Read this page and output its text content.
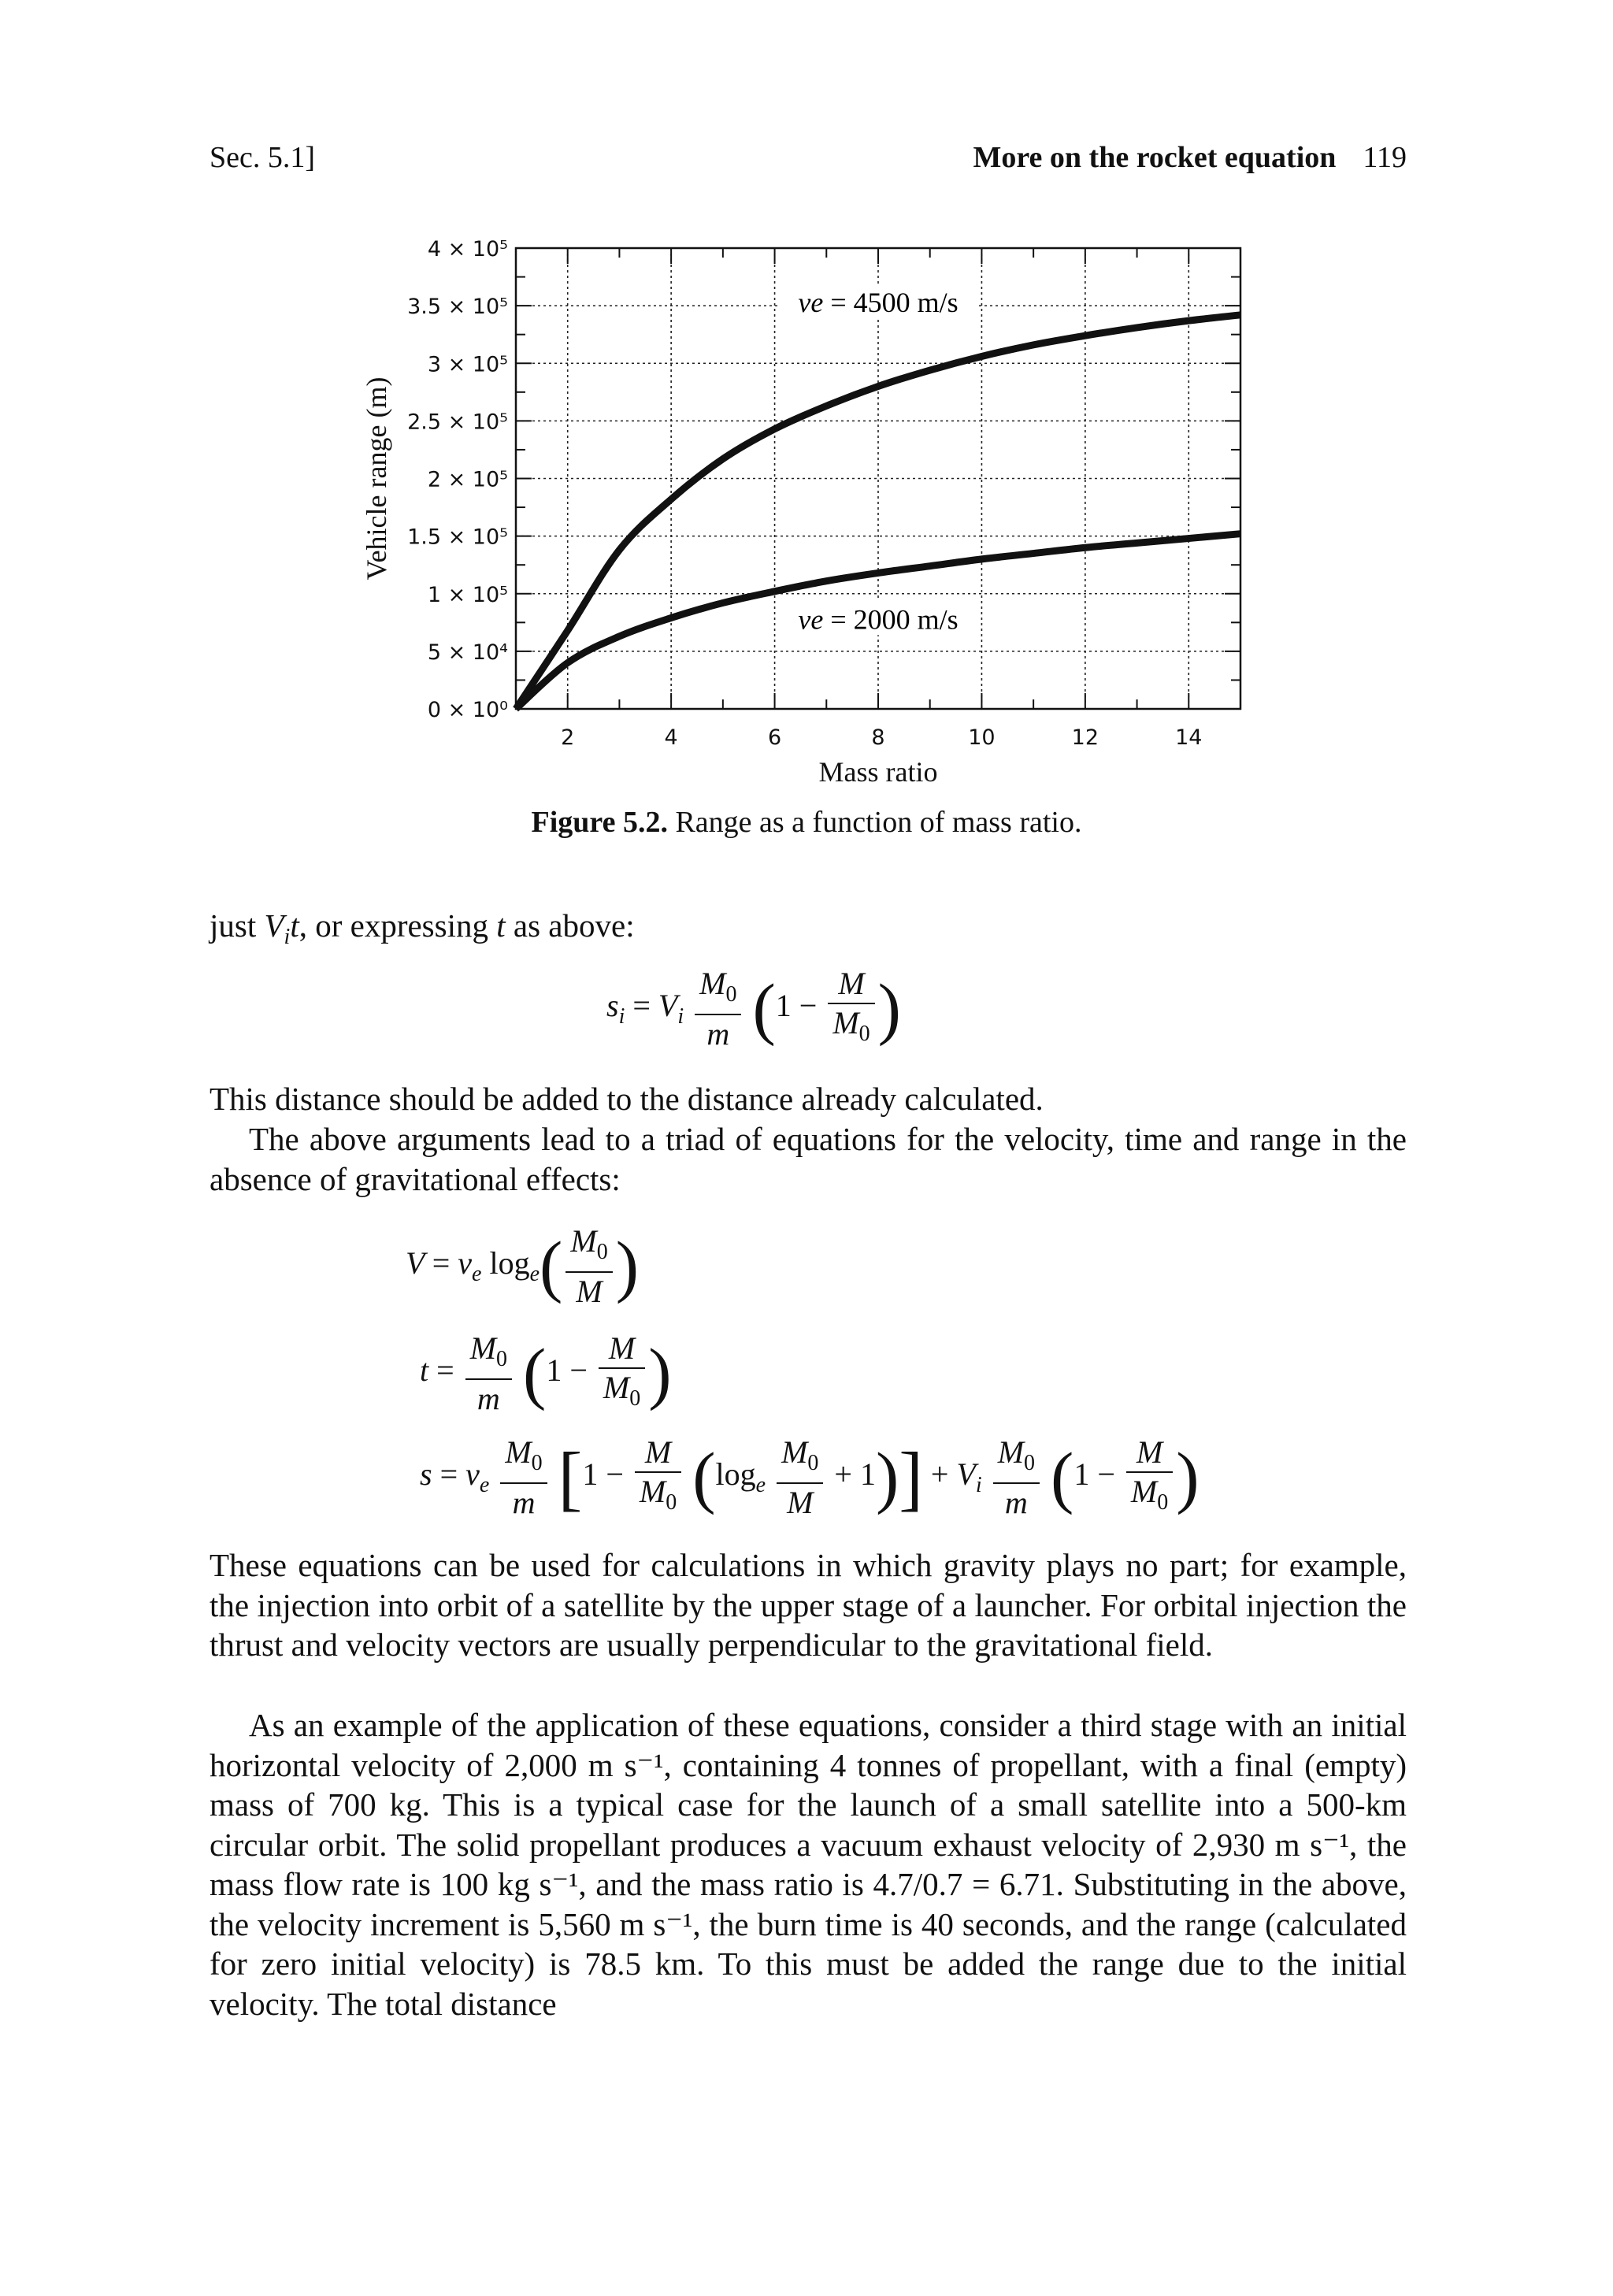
Sec. 5.1]	More on the rocket equation 119
2	4	6	8	10	12	14
0 × 10⁰
5 × 10⁴
1 × 10⁵
1.5 × 10⁵
2 × 10⁵
2.5 × 10⁵
3 × 10⁵
3.5 × 10⁵
4 × 10⁵
Mass ratio
Vehicle range (m)
ve = 4500 m/s
ve = 2000 m/s
Figure 5.2. Range as a function of mass ratio.

just $V_it$, or expressing t as above:

$s_i = V_i \frac{M_0}{m} (1 - \frac{M}{M_0}$ )

This distance should be added to the distance already calculated.

The above arguments lead to a triad of equations for the velocity, time and range in the absence of gravitational effects:

$V = v_e$ $\log_e( \frac{M_0}{M}$ )
$t = \frac{M_0}{m} (1 - \frac{M}{M_0}$ )
$s = v_e \frac{M_0}{m} [1 - \frac{M}{M_0} (\log_e \frac{M_0}{M} + 1)] + V_i \frac{M_0}{m} (1 - \frac{M}{M_0}$ )

These equations can be used for calculations in which gravity plays no part; for example, the injection into orbit of a satellite by the upper stage of a launcher. For orbital injection the thrust and velocity vectors are usually perpendicular to the gravitational field.

As an example of the application of these equations, consider a third stage with an initial horizontal velocity of 2,000 m s⁻¹, containing 4 tonnes of propellant, with a final (empty) mass of 700 kg. This is a typical case for the launch of a small satellite into a 500-km circular orbit. The solid propellant produces a vacuum exhaust velocity of 2,930 m s⁻¹, the mass flow rate is 100 kg s⁻¹, and the mass ratio is 4.7/0.7 = 6.71. Substituting in the above, the velocity increment is 5,560 m s⁻¹, the burn time is 40 seconds, and the range (calculated for zero initial velocity) is 78.5 km. To this must be added the range due to the initial velocity. The total distance
